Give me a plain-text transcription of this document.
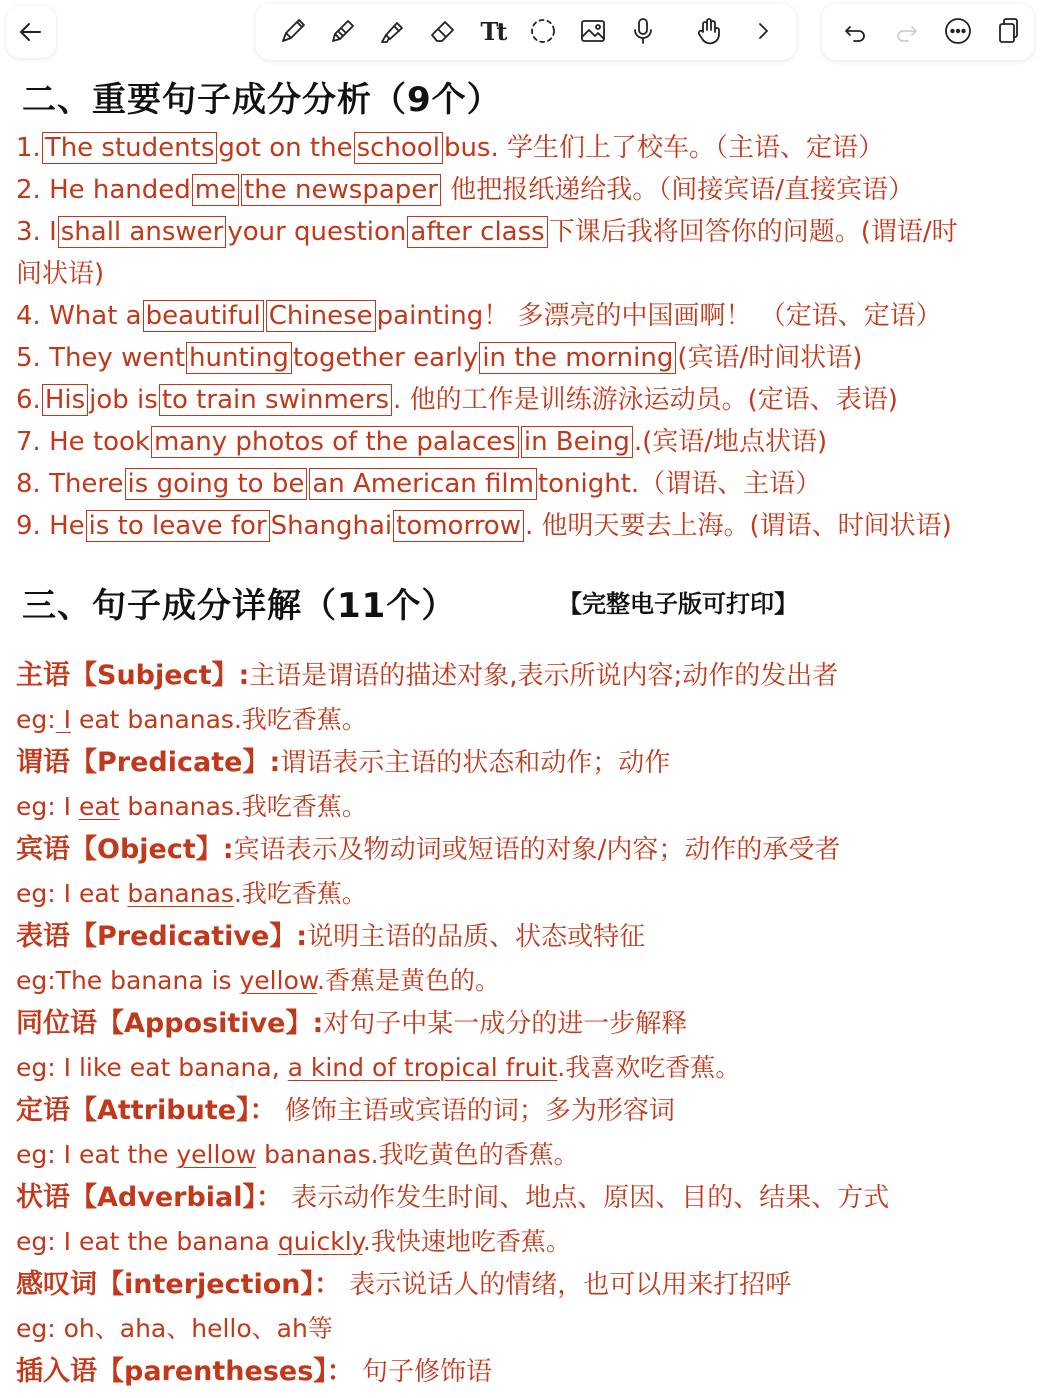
Tt
二、重要句子成分分析（9个）
1. The students got on the school bus. 学生们上了校车。（主语、定语）
2. He handed me the newspaper 他把报纸递给我。（间接宾语/直接宾语）
3. I shall answer your question after class 下课后我将回答你的问题。(谓语/时
间状语)
4. What a beautiful Chinese painting！ 多漂亮的中国画啊！ （定语、定语）
5. They went hunting together early in the morning (宾语/时间状语)
6. His job is to train swinmers . 他的工作是训练游泳运动员。(定语、表语)
7. He took many photos of the palaces in Being .(宾语/地点状语)
8. There is going to be an American film tonight.（谓语、主语）
9. He is to leave for Shanghai tomorrow . 他明天要去上海。(谓语、时间状语)
三、句子成分详解（11个）	【完整电子版可打印】
主语【Subject】:主语是谓语的描述对象,表示所说内容;动作的发出者
eg: I eat bananas.我吃香蕉。
谓语【Predicate】:谓语表示主语的状态和动作；动作
eg: I eat bananas.我吃香蕉。
宾语【Object】:宾语表示及物动词或短语的对象/内容；动作的承受者
eg: I eat bananas.我吃香蕉。
表语【Predicative】:说明主语的品质、状态或特征
eg:The banana is yellow.香蕉是黄色的。
同位语【Appositive】:对句子中某一成分的进一步解释
eg: I like eat banana, a kind of tropical fruit.我喜欢吃香蕉。
定语【Attribute】： 修饰主语或宾语的词；多为形容词
eg: I eat the yellow bananas.我吃黄色的香蕉。
状语【Adverbial】： 表示动作发生时间、地点、原因、目的、结果、方式
eg: I eat the banana quickly.我快速地吃香蕉。
感叹词【interjection】： 表示说话人的情绪，也可以用来打招呼
eg: oh、aha、hello、ah等
插入语【parentheses】： 句子修饰语
